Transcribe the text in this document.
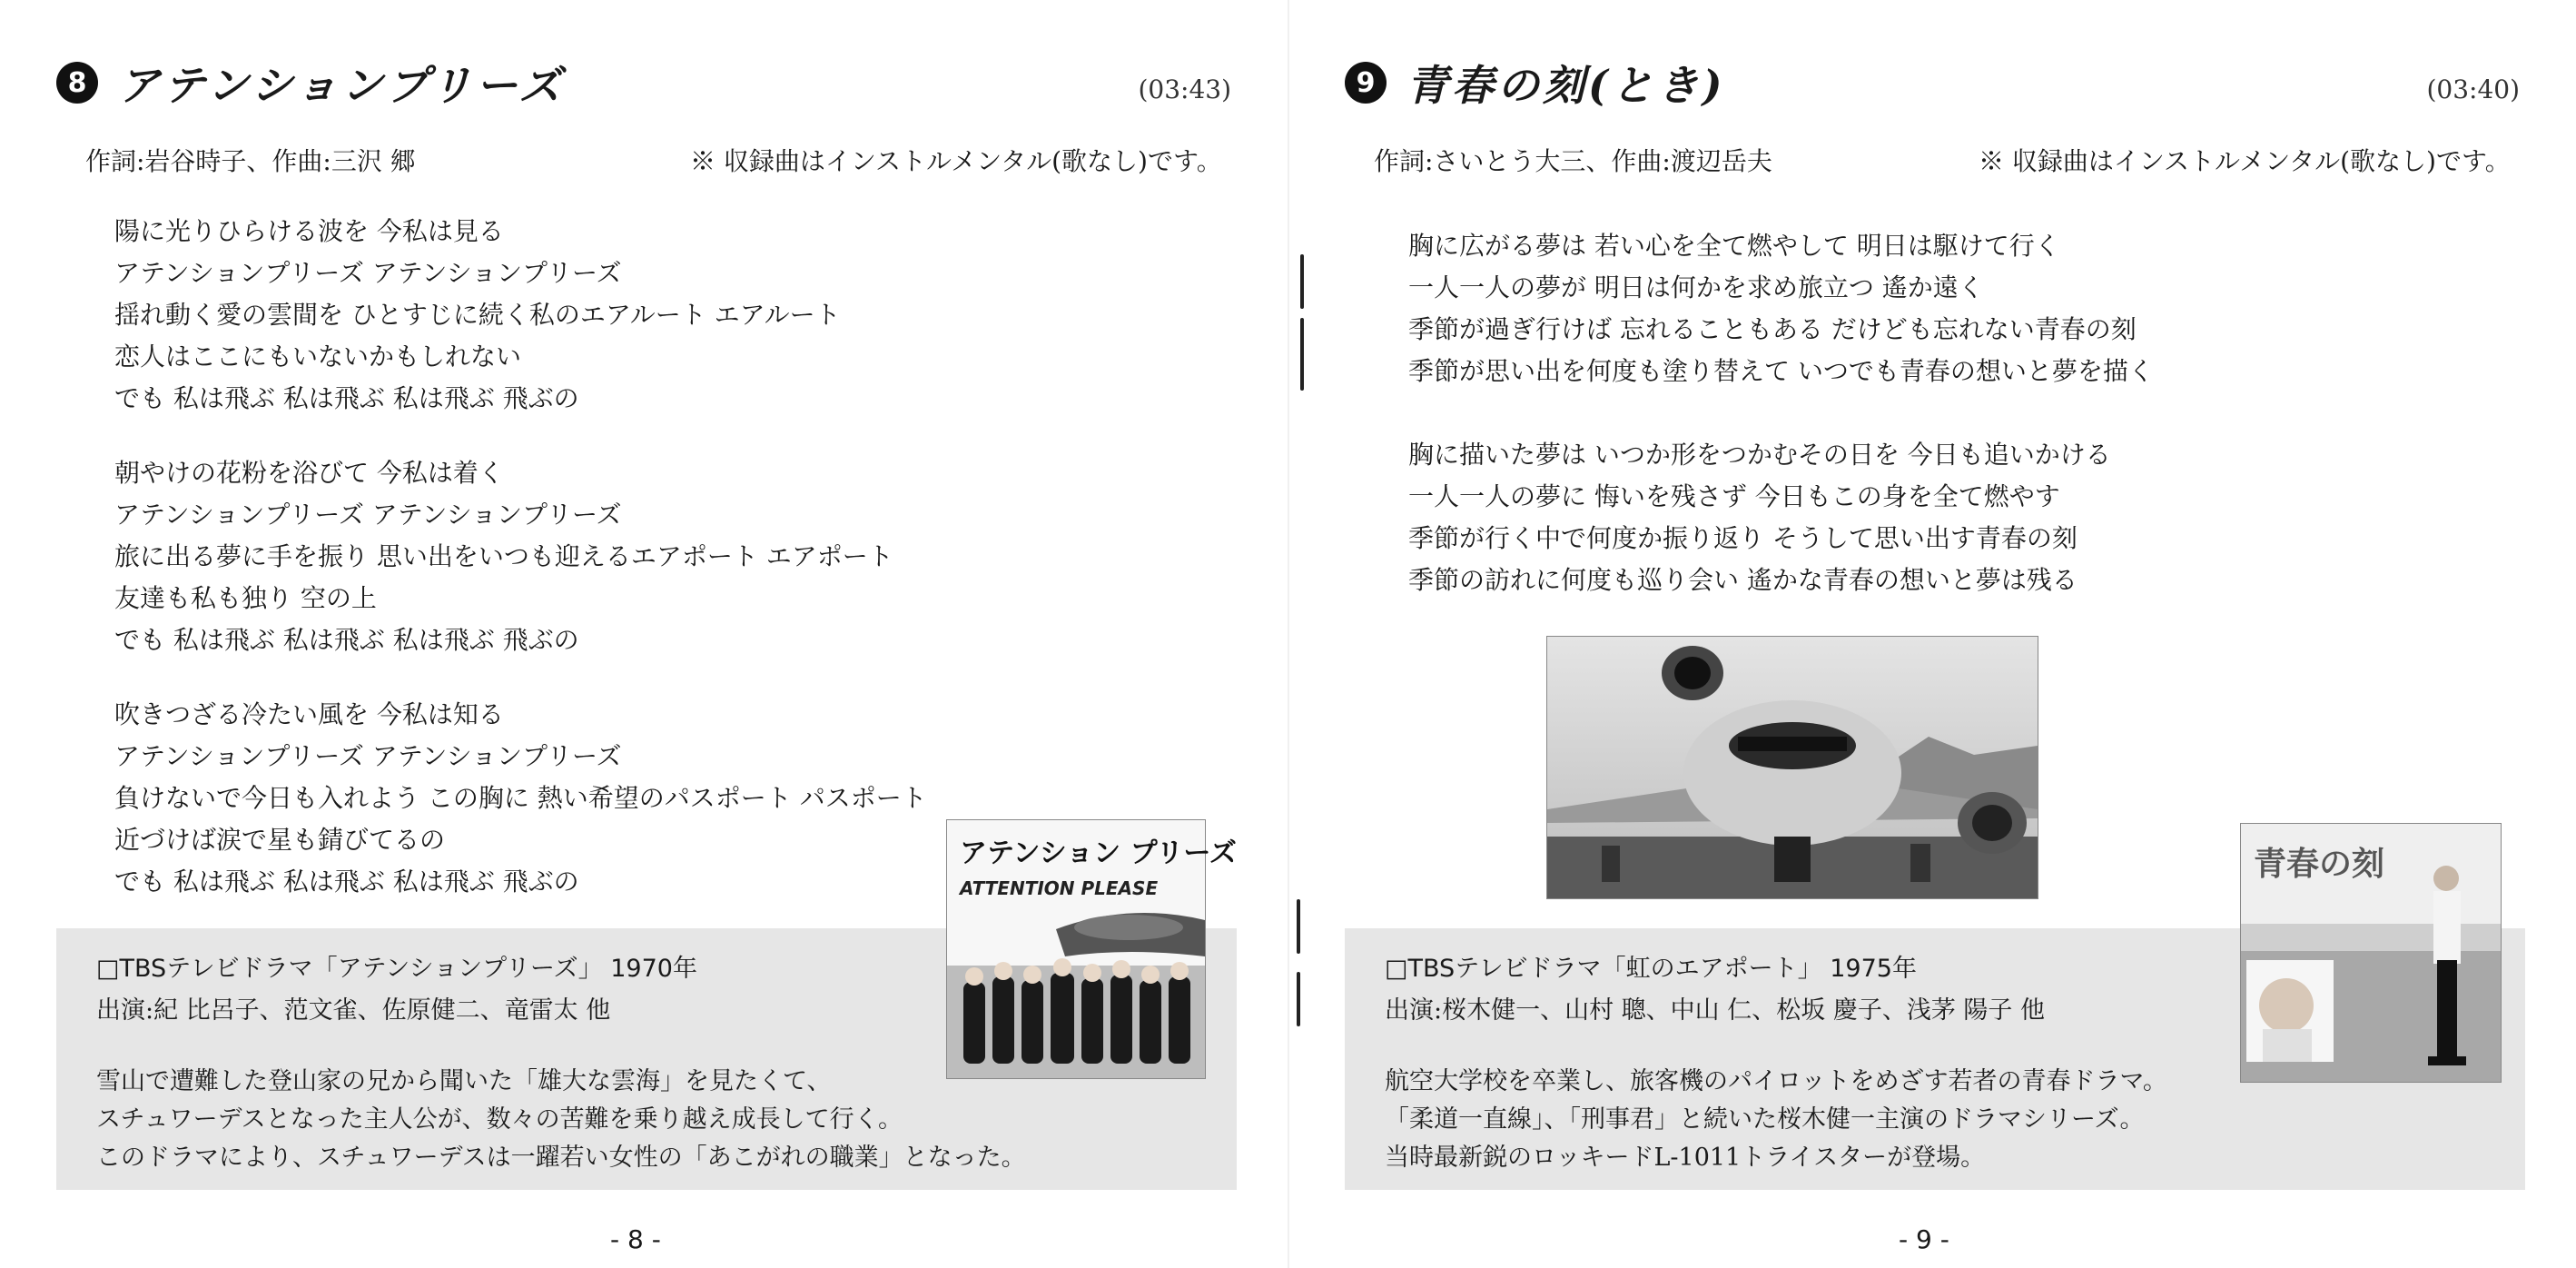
8 アテンションプリーズ	(03:43)
作詞:岩谷時子、作曲:三沢 郷	※ 収録曲はインストルメンタル(歌なし)です。
陽に光りひらける波を 今私は見る
アテンションプリーズ アテンションプリーズ
揺れ動く愛の雲間を ひとすじに続く私のエアルート エアルート
恋人はここにもいないかもしれない
でも 私は飛ぶ 私は飛ぶ 私は飛ぶ 飛ぶの
朝やけの花粉を浴びて 今私は着く
アテンションプリーズ アテンションプリーズ
旅に出る夢に手を振り 思い出をいつも迎えるエアポート エアポート
友達も私も独り 空の上
でも 私は飛ぶ 私は飛ぶ 私は飛ぶ 飛ぶの
吹きつざる冷たい風を 今私は知る
アテンションプリーズ アテンションプリーズ
負けないで今日も入れよう この胸に 熱い希望のパスポート パスポート
近づけば涙で星も錆びてるの
でも 私は飛ぶ 私は飛ぶ 私は飛ぶ 飛ぶの
□TBSテレビドラマ「アテンションプリーズ」 1970年
出演:紀 比呂子、范文雀、佐原健二、竜雷太 他
雪山で遭難した登山家の兄から聞いた「雄大な雲海」を見たくて、
スチュワーデスとなった主人公が、数々の苦難を乗り越え成長して行く。
このドラマにより、スチュワーデスは一躍若い女性の「あこがれの職業」となった。
アテンション プリーズ
ATTENTION PLEASE
- 8 -
9 青春の刻(とき)	(03:40)
作詞:さいとう大三、作曲:渡辺岳夫	※ 収録曲はインストルメンタル(歌なし)です。
胸に広がる夢は 若い心を全て燃やして 明日は駆けて行く
一人一人の夢が 明日は何かを求め旅立つ 遙か遠く
季節が過ぎ行けば 忘れることもある だけども忘れない青春の刻
季節が思い出を何度も塗り替えて いつでも青春の想いと夢を描く
胸に描いた夢は いつか形をつかむその日を 今日も追いかける
一人一人の夢に 悔いを残さず 今日もこの身を全て燃やす
季節が行く中で何度か振り返り そうして思い出す青春の刻
季節の訪れに何度も巡り会い 遙かな青春の想いと夢は残る
□TBSテレビドラマ「虹のエアポート」 1975年
出演:桜木健一、山村 聰、中山 仁、松坂 慶子、浅茅 陽子 他
航空大学校を卒業し、旅客機のパイロットをめざす若者の青春ドラマ。
「柔道一直線」、「刑事君」と続いた桜木健一主演のドラマシリーズ。
当時最新鋭のロッキードL-1011トライスターが登場。
青春の刻
- 9 -
